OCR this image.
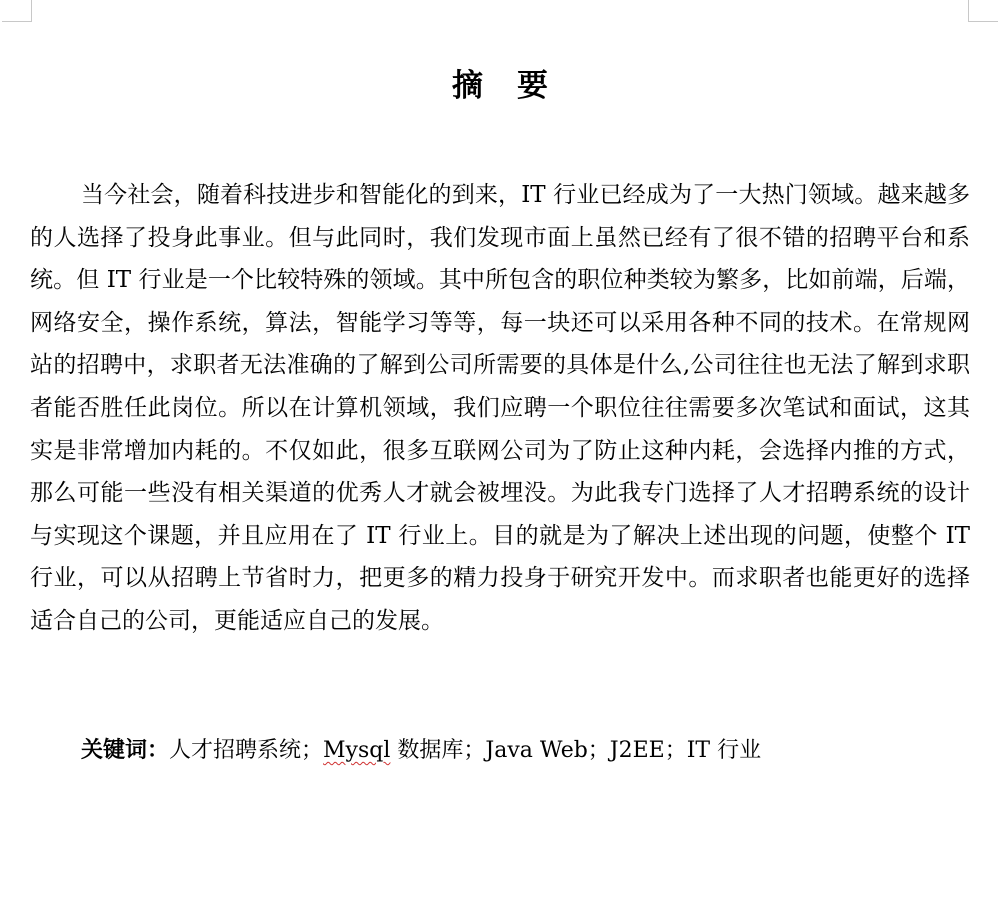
摘要

当今社会，随着科技进步和智能化的到来，IT 行业已经成为了一大热门领域。越来越多的人选择了投身此事业。但与此同时，我们发现市面上虽然已经有了很不错的招聘平台和系统。但 IT 行业是一个比较特殊的领域。其中所包含的职位种类较为繁多，比如前端，后端，网络安全，操作系统，算法，智能学习等等，每一块还可以采用各种不同的技术。在常规网站的招聘中，求职者无法准确的了解到公司所需要的具体是什么,公司往往也无法了解到求职者能否胜任此岗位。所以在计算机领域，我们应聘一个职位往往需要多次笔试和面试，这其实是非常增加内耗的。不仅如此，很多互联网公司为了防止这种内耗，会选择内推的方式，那么可能一些没有相关渠道的优秀人才就会被埋没。为此我专门选择了人才招聘系统的设计与实现这个课题，并且应用在了 IT 行业上。目的就是为了解决上述出现的问题，使整个 IT 行业，可以从招聘上节省时力，把更多的精力投身于研究开发中。而求职者也能更好的选择适合自己的公司，更能适应自己的发展。

关键词：人才招聘系统；Mysql 数据库；Java Web；J2EE；IT 行业
